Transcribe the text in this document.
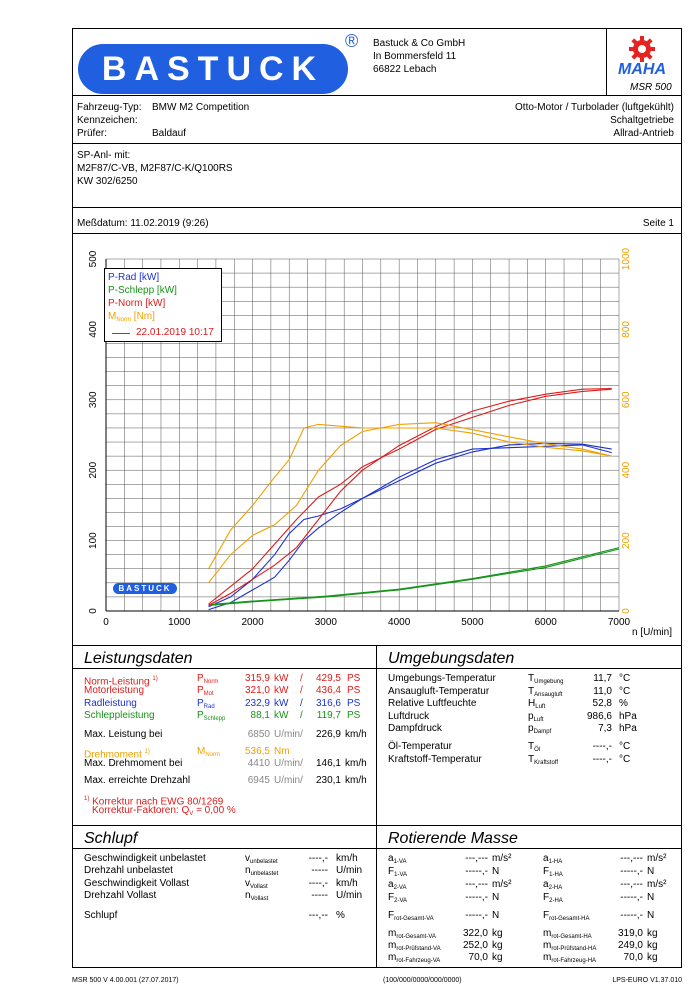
BASTUCK
® Bastuck & Co GmbH
In Bommersfeld 11
66822 Lebach	MAHA
MSR 500
Fahrzeug-Typ: BMW M2 Competition
Kennzeichen:
Prüfer:	Baldauf
Otto-Motor / Turbolader (luftgekühlt)
Schaltgetriebe
Allrad-Antrieb
SP-Anl- mit:
M2F87/C-VB, M2F87/C-K/Q100RS
KW 302/6250
Meßdatum: 11.02.2019 (9:26)	Seite 1
0	1000	2000	3000	4000	5000	6000	7000
n [U/min]
0
100
200
300
400
500
0
200
400
600
800
1000
P-Rad [kW]
P-Schlepp [kW]
P-Norm [kW]
$M_{Norm}$ [Nm]
22.01.2019 10:17
BASTUCK
Leistungsdaten	Umgebungsdaten
Norm-Leistung $^{1)}$	$P_{Norm}$	315,9 kW /	429,5 PS
Motorleistung	$P_{Mot}$	321,0 kW /	436,4 PS
Radleistung	$P_{Rad}$	232,9 kW /	316,6 PS
Schleppleistung	$P_{Schlepp}$	88,1 kW /	119,7 PS
Max. Leistung bei	6850 U/min/	226,9 km/h
Drehmoment $^{1)}$	$M_{Norm}$	536,5 Nm
Max. Drehmoment bei	4410 U/min/	146,1 km/h
Max. erreichte Drehzahl	6945 U/min/	230,1 km/h
$^{1)}$ Korrektur nach EWG 80/1269
Korrektur-Faktoren: $Q_V = 0,00$ %
Umgebungs-Temperatur	$T_{Umgebung}$	11,7 °C
Ansaugluft-Temperatur	$T_{Ansaugluft}$	11,0 °C
Relative Luftfeuchte	$H_{Luft}$	52,8 %
Luftdruck	$p_{Luft}$	986,6 hPa
Dampfdruck	$p_{Dampf}$	7,3 hPa
Öl-Temperatur	$T_{Öl}$	----,- °C
Kraftstoff-Temperatur	$T_{Kraftstoff}$	----,- °C
Schlupf	Rotierende Masse
Geschwindigkeit unbelastet	$v_{unbelastet}$	----,- km/h
Drehzahl unbelastet	$n_{unbelastet}$	----- U/min
Geschwindigkeit Vollast	$v_{Vollast}$	----,- km/h
Drehzahl Vollast	$n_{Vollast}$	----- U/min
Schlupf	---,-- %
$a_{1-VA}$	---,--- m/s²
$F_{1-VA}$	-----,- N
$a_{2-VA}$	---,--- m/s²
$F_{2-VA}$	-----,- N
$F_{rot-Gesamt-VA}$	-----,- N
$m_{rot-Gesamt-VA}$	322,0 kg
$m_{rot-Prüfstand-VA}$	252,0 kg
$m_{rot-Fahrzeug-VA}$	70,0 kg
$a_{1-HA}$	---,--- m/s²
$F_{1-HA}$	-----,- N
$a_{2-HA}$	---,--- m/s²
$F_{2-HA}$	-----,- N
$F_{rot-Gesamt-HA}$	-----,- N
$m_{rot-Gesamt-HA}$	319,0 kg
$m_{rot-Prüfstand-HA}$	249,0 kg
$m_{rot-Fahrzeug-HA}$	70,0 kg
MSR 500 V 4.00.001 (27.07.2017)	(100/000/0000/000/0000)	LPS-EURO V1.37.010
